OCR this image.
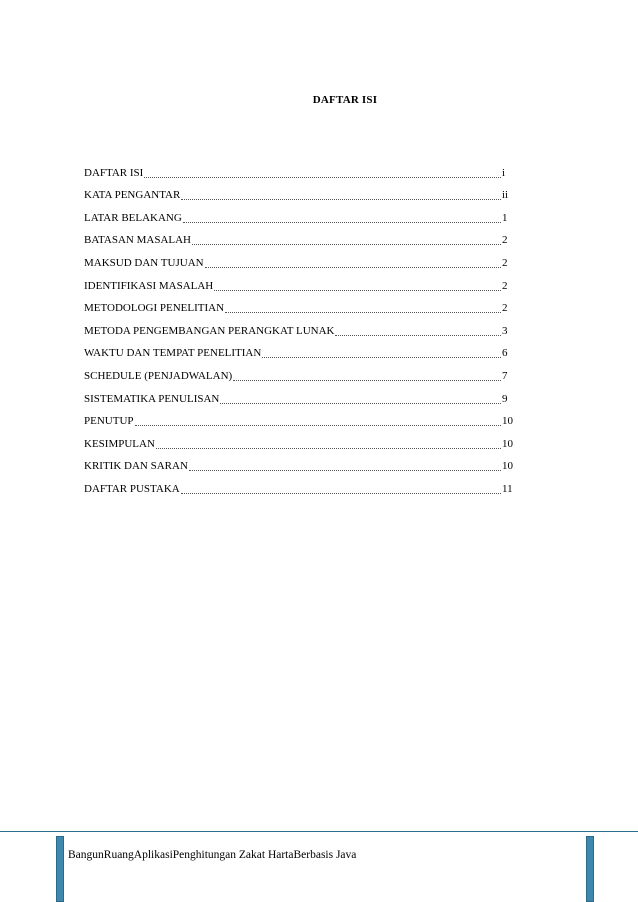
DAFTAR ISI
DAFTAR ISI	i
KATA PENGANTAR	ii
LATAR BELAKANG	1
BATASAN MASALAH	2
MAKSUD DAN TUJUAN	2
IDENTIFIKASI MASALAH	2
METODOLOGI PENELITIAN	2
METODA PENGEMBANGAN PERANGKAT LUNAK	3
WAKTU DAN TEMPAT PENELITIAN	6
SCHEDULE (PENJADWALAN)	7
SISTEMATIKA PENULISAN	9
PENUTUP	10
KESIMPULAN	10
KRITIK DAN SARAN	10
DAFTAR PUSTAKA	11
BangunRuangAplikasiPenghitungan Zakat HartaBerbasis Java
